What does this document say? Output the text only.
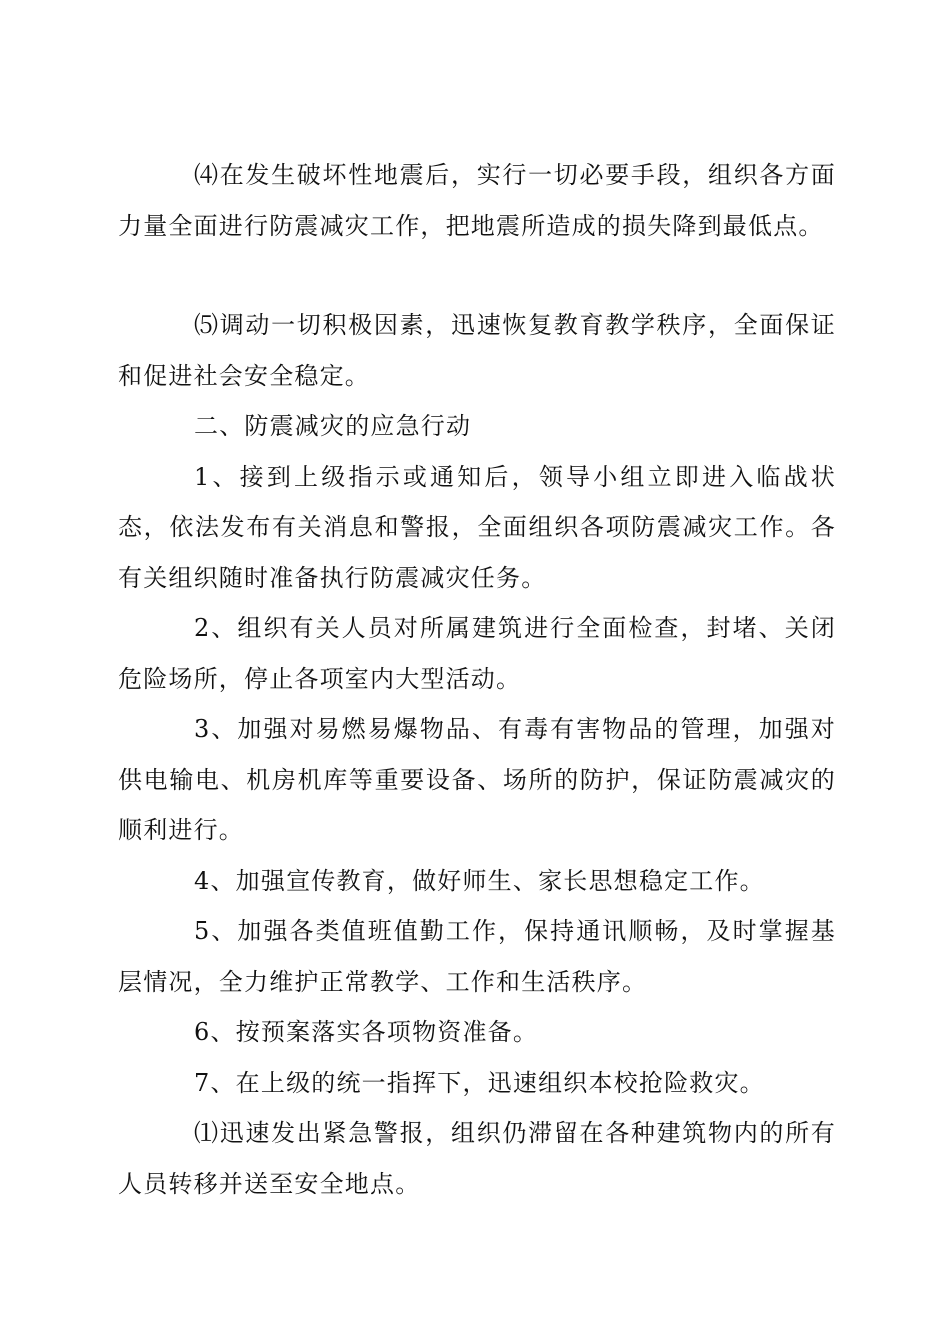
⑷在发生破坏性地震后，实行一切必要手段，组织各方面力量全面进行防震减灾工作，把地震所造成的损失降到最低点。

⑸调动一切积极因素，迅速恢复教育教学秩序，全面保证和促进社会安全稳定。

二、防震减灾的应急行动

1、接到上级指示或通知后，领导小组立即进入临战状态，依法发布有关消息和警报，全面组织各项防震减灾工作。各有关组织随时准备执行防震减灾任务。

2、组织有关人员对所属建筑进行全面检查，封堵、关闭危险场所，停止各项室内大型活动。

3、加强对易燃易爆物品、有毒有害物品的管理，加强对供电输电、机房机库等重要设备、场所的防护，保证防震减灾的顺利进行。

4、加强宣传教育，做好师生、家长思想稳定工作。

5、加强各类值班值勤工作，保持通讯顺畅，及时掌握基层情况，全力维护正常教学、工作和生活秩序。

6、按预案落实各项物资准备。

7、在上级的统一指挥下，迅速组织本校抢险救灾。

⑴迅速发出紧急警报，组织仍滞留在各种建筑物内的所有人员转移并送至安全地点。
